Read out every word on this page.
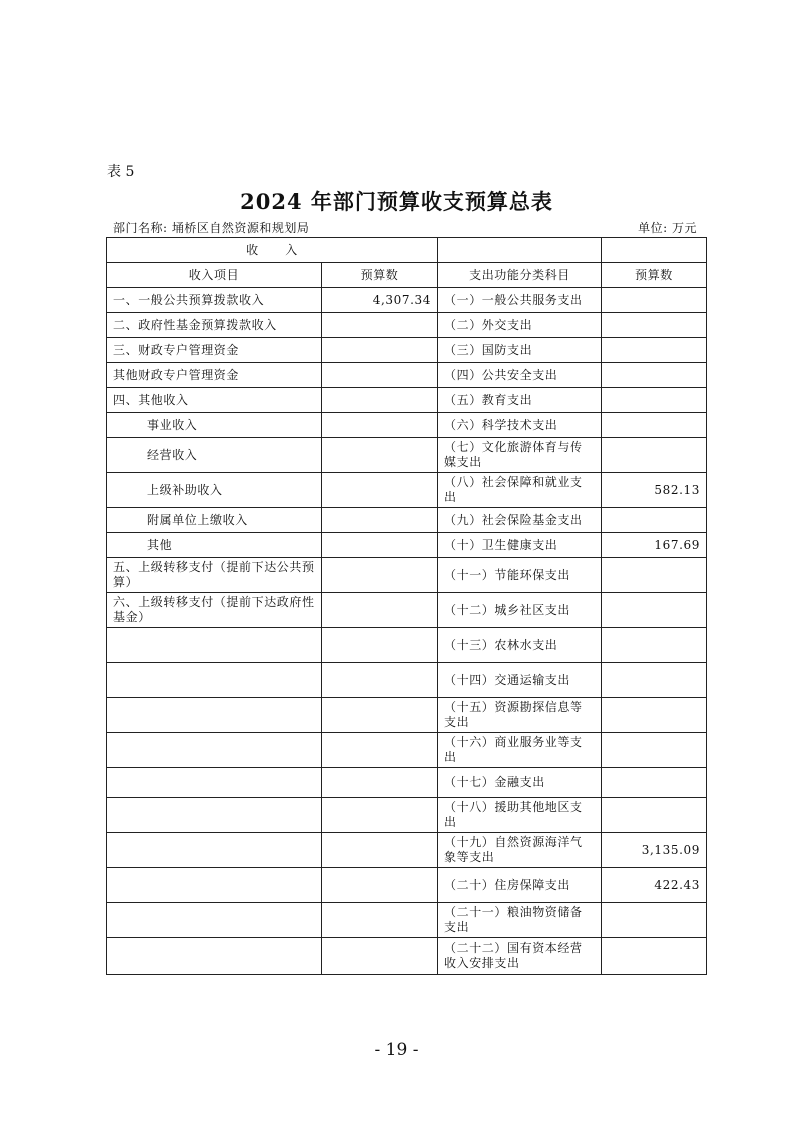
表 5
2024 年部门预算收支预算总表
部门名称: 埇桥区自然资源和规划局	单位: 万元
收      入			
收入项目	预算数	支出功能分类科目	预算数
一、一般公共预算拨款收入	4,307.34	（一）一般公共服务支出	
二、政府性基金预算拨款收入		（二）外交支出	
三、财政专户管理资金		（三）国防支出	
其他财政专户管理资金		（四）公共安全支出	
四、其他收入		（五）教育支出	
事业收入		（六）科学技术支出	
经营收入		（七）文化旅游体育与传媒支出	
上级补助收入		（八）社会保障和就业支出	582.13
附属单位上缴收入		（九）社会保险基金支出	
其他		（十）卫生健康支出	167.69
五、上级转移支付（提前下达公共预算）		（十一）节能环保支出	
六、上级转移支付（提前下达政府性基金）		（十二）城乡社区支出	
		（十三）农林水支出	
		（十四）交通运输支出	
		（十五）资源勘探信息等支出	
		（十六）商业服务业等支出	
		（十七）金融支出	
		（十八）援助其他地区支出	
		（十九）自然资源海洋气象等支出	3,135.09
		（二十）住房保障支出	422.43
		（二十一）粮油物资储备支出	
		（二十二）国有资本经营收入安排支出	
- 19 -
